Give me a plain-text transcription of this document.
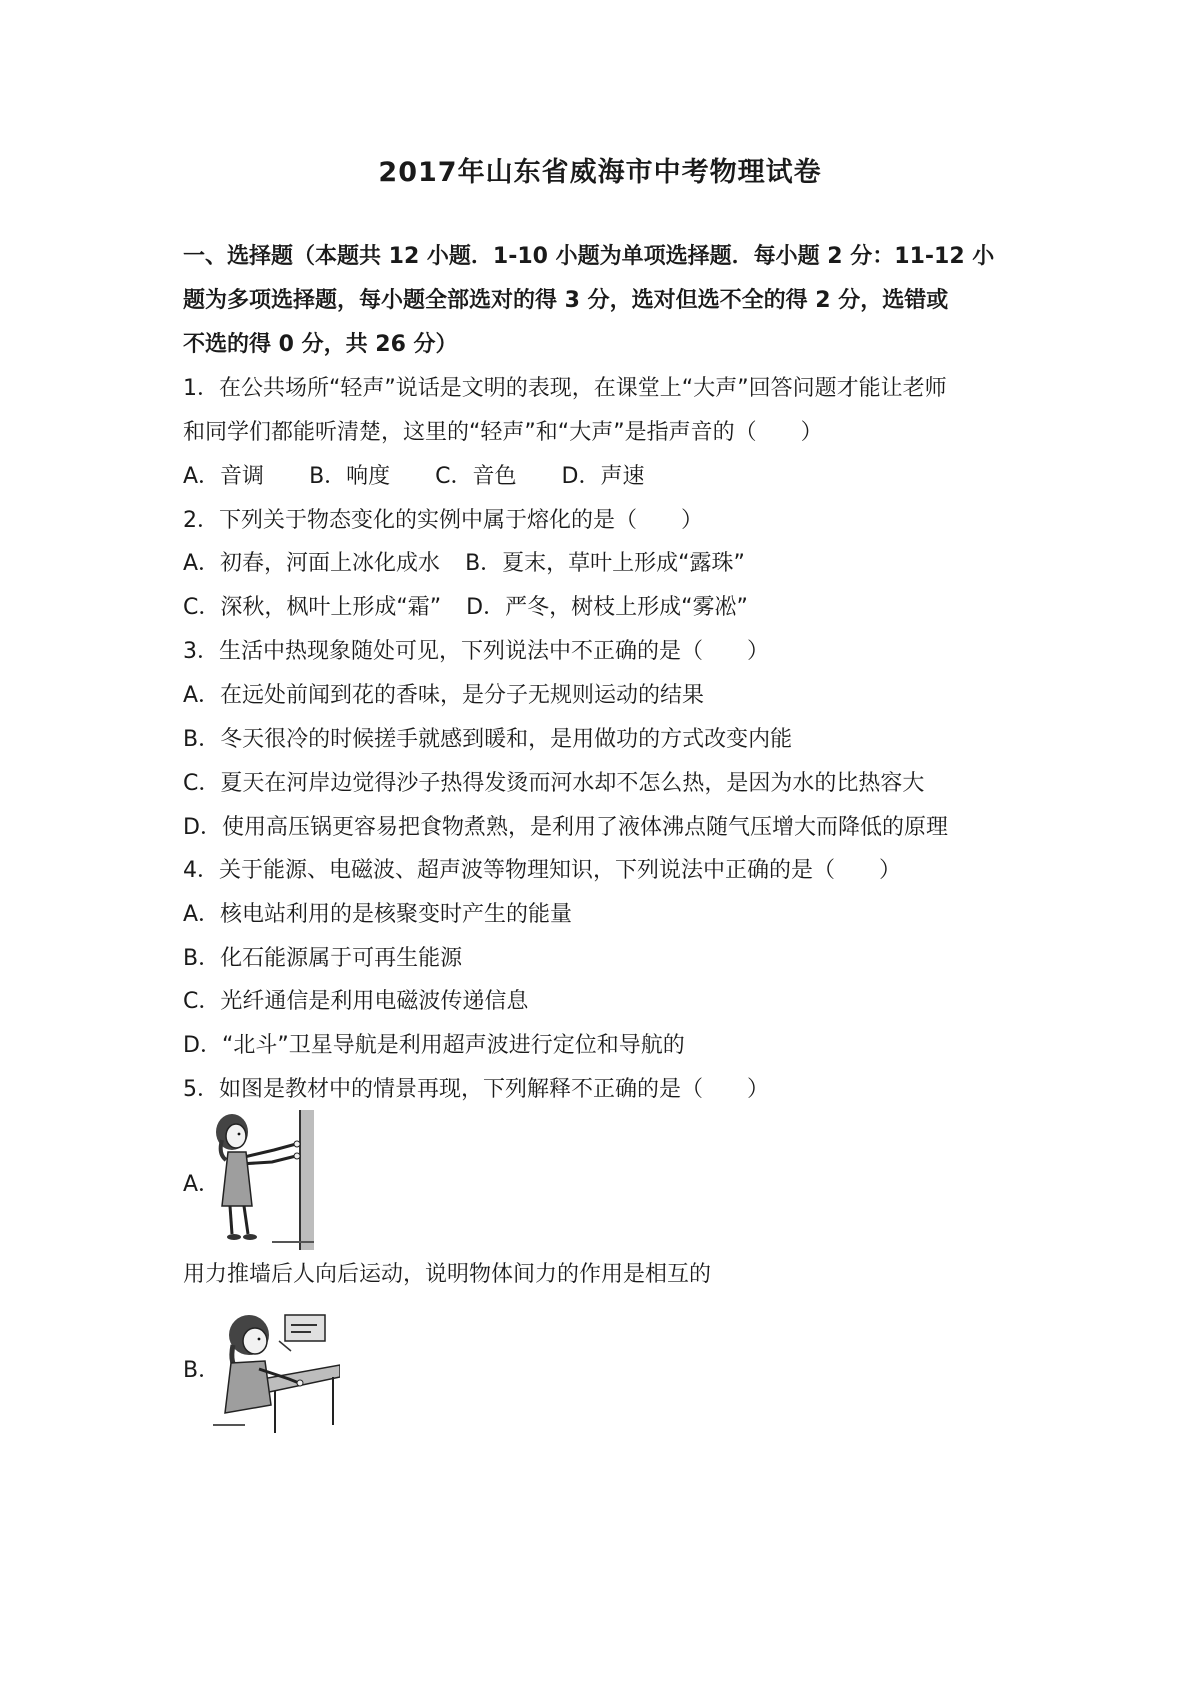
2017年山东省威海市中考物理试卷
一、选择题（本题共 12 小题．1-10 小题为单项选择题．每小题 2 分：11-12 小
题为多项选择题，每小题全部选对的得 3 分，选对但选不全的得 2 分，选错或
不选的得 0 分，共 26 分）
1．在公共场所“轻声”说话是文明的表现，在课堂上“大声”回答问题才能让老师
和同学们都能听清楚，这里的“轻声”和“大声”是指声音的（　　）
A．音调 B．响度 C．音色 D．声速
2．下列关于物态变化的实例中属于熔化的是（　　）
A．初春，河面上冰化成水 B．夏末，草叶上形成“露珠”
C．深秋，枫叶上形成“霜” D．严冬，树枝上形成“雾凇”
3．生活中热现象随处可见，下列说法中不正确的是（　　）
A．在远处前闻到花的香味，是分子无规则运动的结果
B．冬天很冷的时候搓手就感到暖和，是用做功的方式改变内能
C．夏天在河岸边觉得沙子热得发烫而河水却不怎么热，是因为水的比热容大
D．使用高压锅更容易把食物煮熟，是利用了液体沸点随气压增大而降低的原理
4．关于能源、电磁波、超声波等物理知识，下列说法中正确的是（　　）
A．核电站利用的是核聚变时产生的能量
B．化石能源属于可再生能源
C．光纤通信是利用电磁波传递信息
D．“北斗”卫星导航是利用超声波进行定位和导航的
5．如图是教材中的情景再现，下列解释不正确的是（　　）
A．
用力推墙后人向后运动，说明物体间力的作用是相互的
B．
